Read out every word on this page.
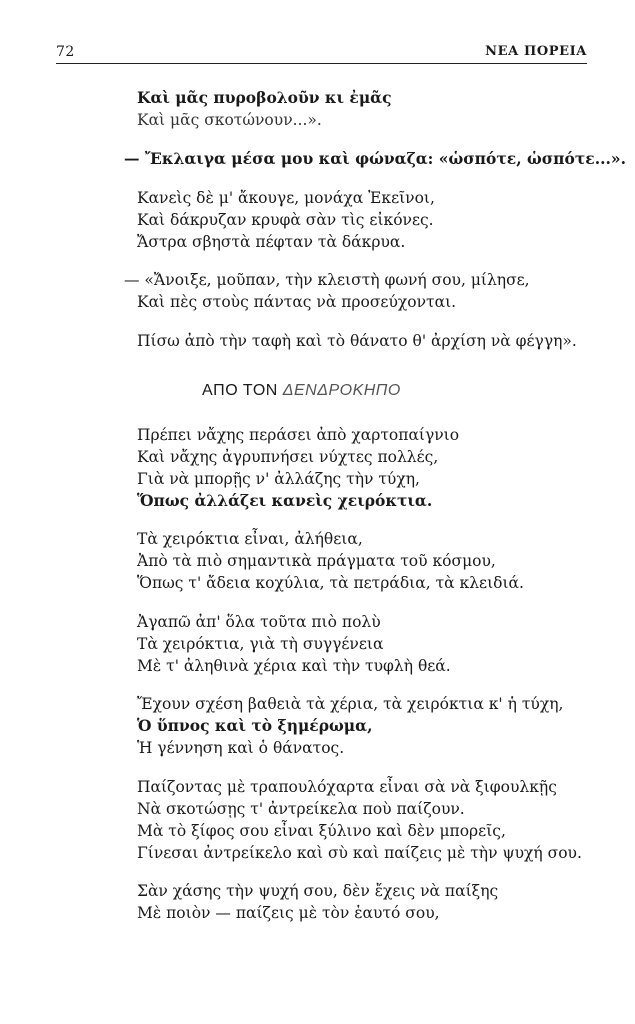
72	ΝΕΑ ΠΟΡΕΙΑ
Καὶ μᾶς πυροβολοῦν κι ἐμᾶς
Καὶ μᾶς σκοτώνουν...».
— Ἔκλαιγα μέσα μου καὶ φώναζα: «ὡσπότε, ὡσπότε...».
Κανεὶς δὲ μ' ἄκουγε, μονάχα Ἐκεῖνοι,
Καὶ δάκρυζαν κρυφὰ σὰν τὶς εἰκόνες.
Ἄστρα σβηστὰ πέφταν τὰ δάκρυα.
— «Ἄνοιξε, μοῦπαν, τὴν κλειστὴ φωνή σου, μίλησε,
Καὶ πὲς στοὺς πάντας νὰ προσεύχονται.
Πίσω ἀπὸ τὴν ταφὴ καὶ τὸ θάνατο θ' ἀρχίση νὰ φέγγη».
ΑΠΟ ΤΟΝ ΔΕΝΔΡΟΚΗΠΟ
Πρέπει νἄχης περάσει ἀπὸ χαρτοπαίγνιο
Καὶ νἄχης ἀγρυπνήσει νύχτες πολλές,
Γιὰ νὰ μπορῇς ν' ἀλλάζης τὴν τύχη,
Ὅπως ἀλλάζει κανεὶς χειρόκτια.
Τὰ χειρόκτια εἶναι, ἀλήθεια,
Ἀπὸ τὰ πιὸ σημαντικὰ πράγματα τοῦ κόσμου,
Ὅπως τ' ἄδεια κοχύλια, τὰ πετράδια, τὰ κλειδιά.
Ἀγαπῶ ἀπ' ὅλα τοῦτα πιὸ πολὺ
Τὰ χειρόκτια, γιὰ τὴ συγγένεια
Μὲ τ' ἀληθινὰ χέρια καὶ τὴν τυφλὴ θεά.
Ἔχουν σχέση βαθειὰ τὰ χέρια, τὰ χειρόκτια κ' ἡ τύχη,
Ὁ ὕπνος καὶ τὸ ξημέρωμα,
Ἡ γέννηση καὶ ὁ θάνατος.
Παίζοντας μὲ τραπουλόχαρτα εἶναι σὰ νὰ ξιφουλκῇς
Νὰ σκοτώσῃς τ' ἀντρείκελα ποὺ παίζουν.
Μὰ τὸ ξίφος σου εἶναι ξύλινο καὶ δὲν μπορεῖς,
Γίνεσαι ἀντρείκελο καὶ σὺ καὶ παίζεις μὲ τὴν ψυχή σου.
Σὰν χάσης τὴν ψυχή σου, δὲν ἔχεις νὰ παίξης
Μὲ ποιὸν — παίζεις μὲ τὸν ἑαυτό σου,
